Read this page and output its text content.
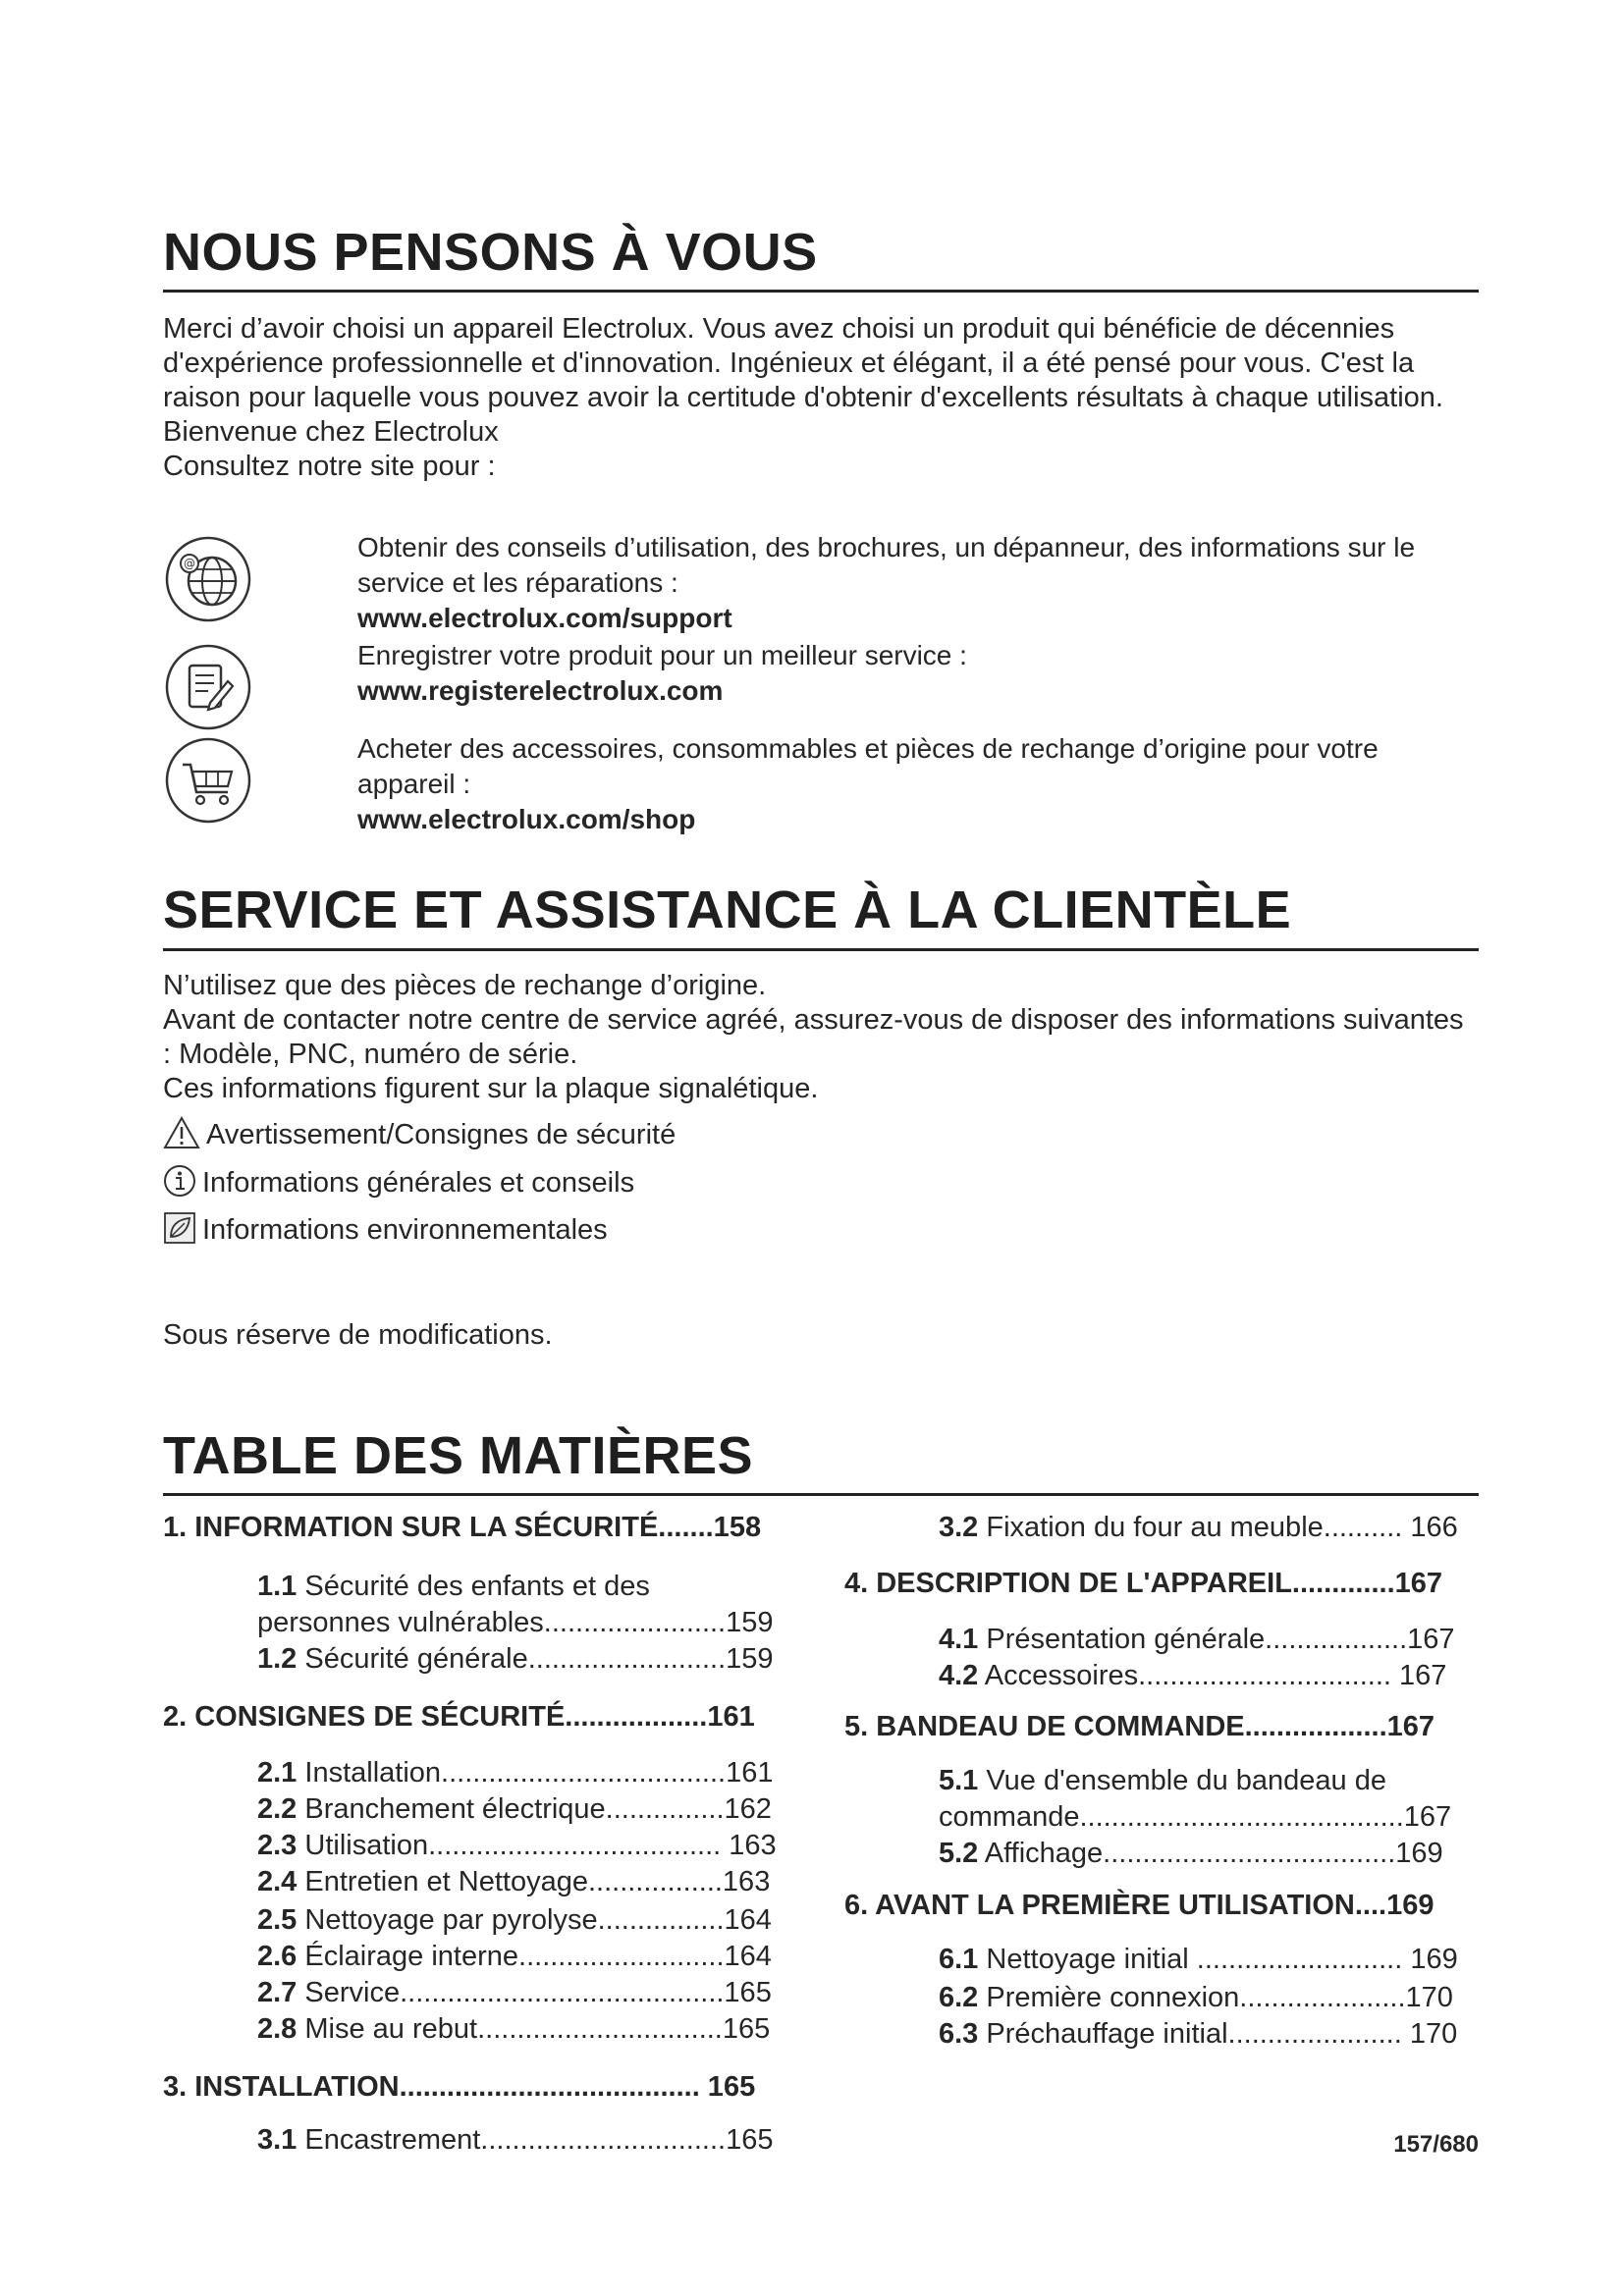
NOUS PENSONS À VOUS

Merci d’avoir choisi un appareil Electrolux. Vous avez choisi un produit qui bénéficie de décennies d'expérience professionnelle et d'innovation. Ingénieux et élégant, il a été pensé pour vous. C'est la raison pour laquelle vous pouvez avoir la certitude d'obtenir d'excellents résultats à chaque utilisation.

Bienvenue chez Electrolux

Consultez notre site pour :

@

Obtenir des conseils d’utilisation, des brochures, un dépanneur, des informations sur le service et les réparations :

www.electrolux.com/support

Enregistrer votre produit pour un meilleur service :

www.registerelectrolux.com

Acheter des accessoires, consommables et pièces de rechange d’origine pour votre appareil :

www.electrolux.com/shop

SERVICE ET ASSISTANCE À LA CLIENTÈLE

N’utilisez que des pièces de rechange d’origine.

Avant de contacter notre centre de service agréé, assurez-vous de disposer des informations suivantes : Modèle, PNC, numéro de série.

Ces informations figurent sur la plaque signalétique.

Avertissement/Consignes de sécurité
Informations générales et conseils
Informations environnementales

Sous réserve de modifications.

TABLE DES MATIÈRES
1. INFORMATION SUR LA SÉCURITÉ.......158
1.1 Sécurité des enfants et des
personnes vulnérables.......................159
1.2 Sécurité générale.........................159
2. CONSIGNES DE SÉCURITÉ..................161
2.1 Installation....................................161
2.2 Branchement électrique...............162
2.3 Utilisation..................................... 163
2.4 Entretien et Nettoyage.................163
2.5 Nettoyage par pyrolyse................164
2.6 Éclairage interne..........................164
2.7 Service.........................................165
2.8 Mise au rebut...............................165
3. INSTALLATION...................................... 165
3.1 Encastrement...............................165
3.2 Fixation du four au meuble.......... 166
4. DESCRIPTION DE L'APPAREIL.............167
4.1 Présentation générale..................167
4.2 Accessoires................................ 167
5. BANDEAU DE COMMANDE..................167
5.1 Vue d'ensemble du bandeau de
commande.........................................167
5.2 Affichage.....................................169
6. AVANT LA PREMIÈRE UTILISATION....169
6.1 Nettoyage initial .......................... 169
6.2 Première connexion.....................170
6.3 Préchauffage initial...................... 170
157/680
